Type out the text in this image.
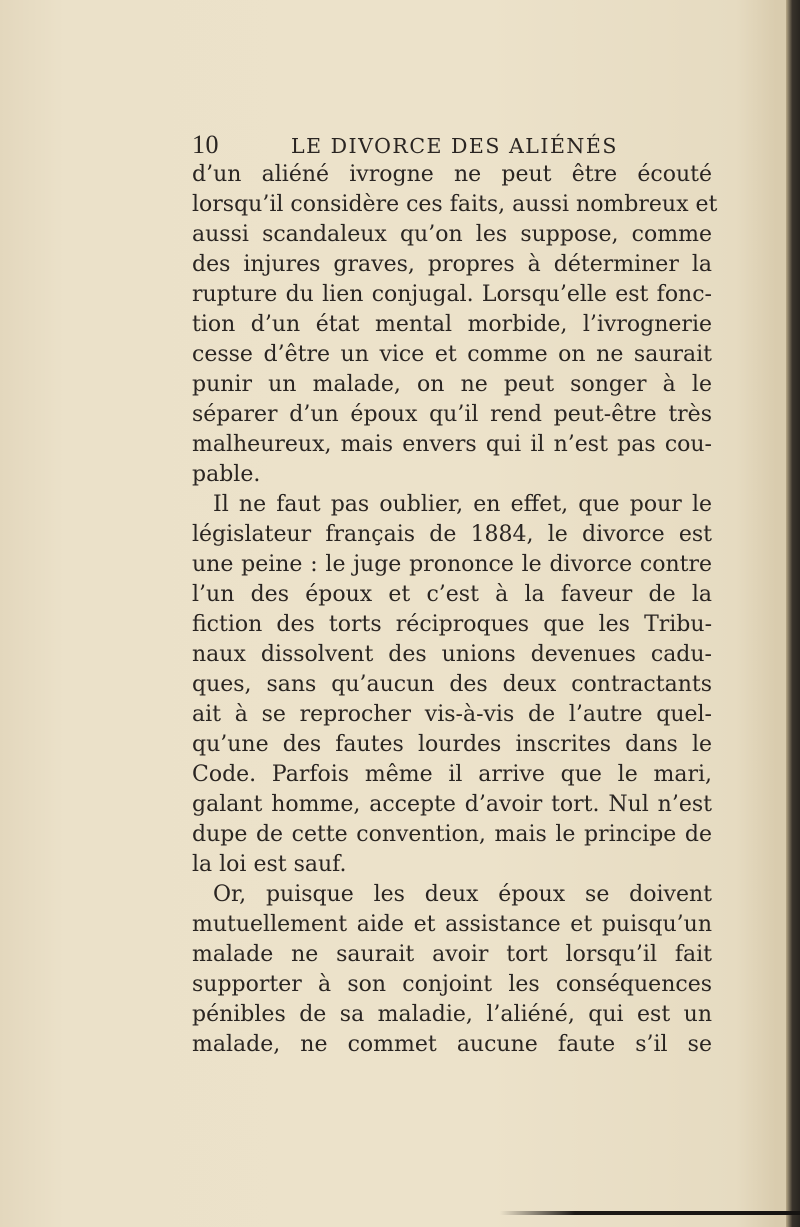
10	LE DIVORCE DES ALIÉNÉS

d’un aliéné ivrogne ne peut être écouté
lorsqu’il considère ces faits, aussi nombreux et
aussi scandaleux qu’on les suppose, comme
des injures graves, propres à déterminer la
rupture du lien conjugal. Lorsqu’elle est fonc-
tion d’un état mental morbide, l’ivrognerie
cesse d’être un vice et comme on ne saurait
punir un malade, on ne peut songer à le
séparer d’un époux qu’il rend peut-être très
malheureux, mais envers qui il n’est pas cou-
pable.

Il ne faut pas oublier, en effet, que pour le
législateur français de 1884, le divorce est
une peine : le juge prononce le divorce contre
l’un des époux et c’est à la faveur de la
fiction des torts réciproques que les Tribu-
naux dissolvent des unions devenues cadu-
ques, sans qu’aucun des deux contractants
ait à se reprocher vis-à-vis de l’autre quel-
qu’une des fautes lourdes inscrites dans le
Code. Parfois même il arrive que le mari,
galant homme, accepte d’avoir tort. Nul n’est
dupe de cette convention, mais le principe de
la loi est sauf.

Or, puisque les deux époux se doivent
mutuellement aide et assistance et puisqu’un
malade ne saurait avoir tort lorsqu’il fait
supporter à son conjoint les conséquences
pénibles de sa maladie, l’aliéné, qui est un
malade, ne commet aucune faute s’il se
